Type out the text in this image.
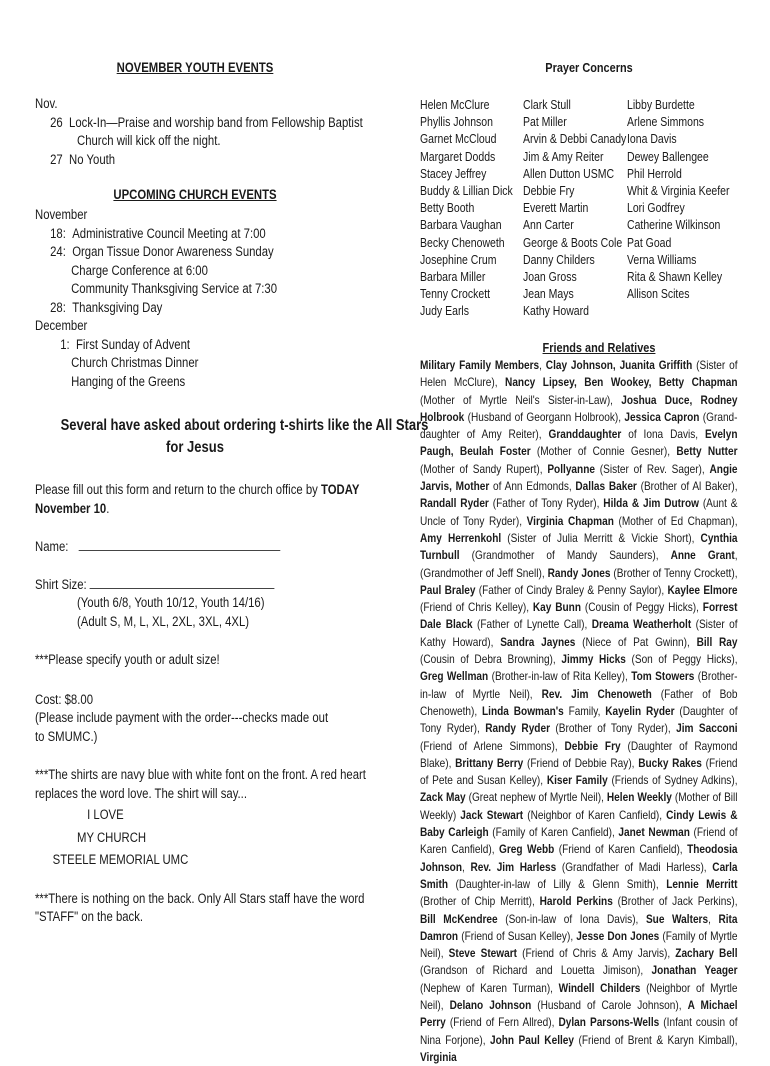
NOVEMBER YOUTH EVENTS
Nov.
26 Lock-In—Praise and worship band from Fellowship Baptist
Church will kick off the night.
27 No Youth
UPCOMING CHURCH EVENTS
November
18: Administrative Council Meeting at 7:00
24: Organ Tissue Donor Awareness Sunday
Charge Conference at 6:00
Community Thanksgiving Service at 7:30
28: Thanksgiving Day
December
1: First Sunday of Advent
Church Christmas Dinner
Hanging of the Greens
Several have asked about ordering t-shirts like the All Stars
for Jesus
Please fill out this form and return to the church office by TODAY
November 10.
Name:
Shirt Size:
(Youth 6/8, Youth 10/12, Youth 14/16)
(Adult S, M, L, XL, 2XL, 3XL, 4XL)
***Please specify youth or adult size!
Cost: $8.00
(Please include payment with the order---checks made out
to SMUMC.)
***The shirts are navy blue with white font on the front. A red heart
replaces the word love. The shirt will say...
I LOVE
MY CHURCH
STEELE MEMORIAL UMC
***There is nothing on the back. Only All Stars staff have the word
"STAFF" on the back.
Prayer Concerns
Helen McClure
Phyllis Johnson
Garnet McCloud
Margaret Dodds
Stacey Jeffrey
Buddy & Lillian Dick
Betty Booth
Barbara Vaughan
Becky Chenoweth
Josephine Crum
Barbara Miller
Tenny Crockett
Judy Earls
Clark Stull
Pat Miller
Arvin & Debbi Canady
Jim & Amy Reiter
Allen Dutton USMC
Debbie Fry
Everett Martin
Ann Carter
George & Boots Cole
Danny Childers
Joan Gross
Jean Mays
Kathy Howard
Libby Burdette
Arlene Simmons
Iona Davis
Dewey Ballengee
Phil Herrold
Whit & Virginia Keefer
Lori Godfrey
Catherine Wilkinson
Pat Goad
Verna Williams
Rita & Shawn Kelley
Allison Scites
Friends and Relatives
Military Family Members, Clay Johnson, Juanita Griffith (Sister of Helen McClure), Nancy Lipsey, Ben Wookey, Betty Chapman (Mother of Myrtle Neil's Sister-in-Law), Joshua Duce, Rodney Holbrook (Husband of Georgann Holbrook), Jessica Capron (Grand-daughter of Amy Reiter), Granddaughter of Iona Davis, Evelyn Paugh, Beulah Foster (Mother of Connie Gesner), Betty Nutter (Mother of Sandy Rupert), Pollyanne (Sister of Rev. Sager), Angie Jarvis, Mother of Ann Edmonds, Dallas Baker (Brother of Al Baker), Randall Ryder (Father of Tony Ryder), Hilda & Jim Dutrow (Aunt & Uncle of Tony Ryder), Virginia Chapman (Mother of Ed Chapman), Amy Herrenkohl (Sister of Julia Merritt & Vickie Short), Cynthia Turnbull (Grandmother of Mandy Saunders), Anne Grant, (Grandmother of Jeff Snell), Randy Jones (Brother of Tenny Crockett), Paul Braley (Father of Cindy Braley & Penny Saylor), Kaylee Elmore (Friend of Chris Kelley), Kay Bunn (Cousin of Peggy Hicks), Forrest Dale Black (Father of Lynette Call), Dreama Weatherholt (Sister of Kathy Howard), Sandra Jaynes (Niece of Pat Gwinn), Bill Ray (Cousin of Debra Browning), Jimmy Hicks (Son of Peggy Hicks), Greg Wellman (Brother-in-law of Rita Kelley), Tom Stowers (Brother-in-law of Myrtle Neil), Rev. Jim Chenoweth (Father of Bob Chenoweth), Linda Bowman's Family, Kayelin Ryder (Daughter of Tony Ryder), Randy Ryder (Brother of Tony Ryder), Jim Sacconi (Friend of Arlene Simmons), Debbie Fry (Daughter of Raymond Blake), Brittany Berry (Friend of Debbie Ray), Bucky Rakes (Friend of Pete and Susan Kelley), Kiser Family (Friends of Sydney Adkins), Zack May (Great nephew of Myrtle Neil), Helen Weekly (Mother of Bill Weekly) Jack Stewart (Neighbor of Karen Canfield), Cindy Lewis & Baby Carleigh (Family of Karen Canfield), Janet Newman (Friend of Karen Canfield), Greg Webb (Friend of Karen Canfield), Theodosia Johnson, Rev. Jim Harless (Grandfather of Madi Harless), Carla Smith (Daughter-in-law of Lilly & Glenn Smith), Lennie Merritt (Brother of Chip Merritt), Harold Perkins (Brother of Jack Perkins), Bill McKendree (Son-in-law of Iona Davis), Sue Walters, Rita Damron (Friend of Susan Kelley), Jesse Don Jones (Family of Myrtle Neil), Steve Stewart (Friend of Chris & Amy Jarvis), Zachary Bell (Grandson of Richard and Louetta Jimison), Jonathan Yeager (Nephew of Karen Turman), Windell Childers (Neighbor of Myrtle Neil), Delano Johnson (Husband of Carole Johnson), A Michael Perry (Friend of Fern Allred), Dylan Parsons-Wells (Infant cousin of Nina Forjone), John Paul Kelley (Friend of Brent & Karyn Kimball), Virginia
